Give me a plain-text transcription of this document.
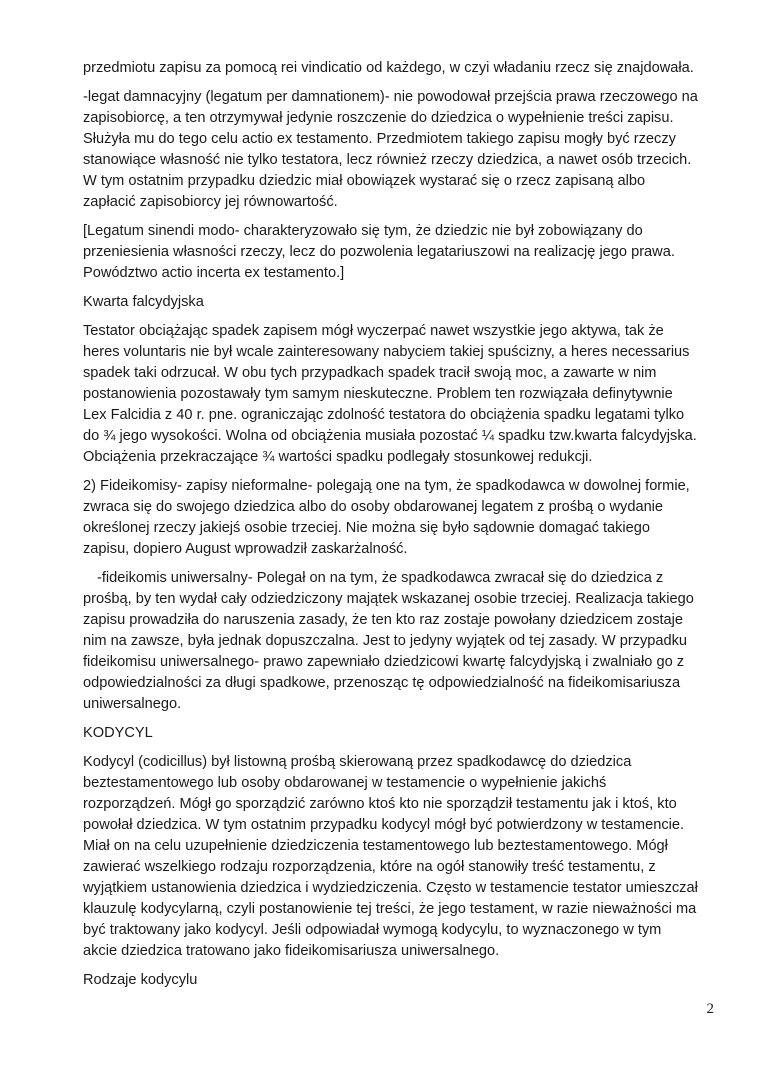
przedmiotu zapisu za pomocą rei vindicatio od każdego, w czyi władaniu rzecz się znajdowała.

-legat damnacyjny (legatum per damnationem)- nie powodował przejścia prawa rzeczowego na zapisobiorcę, a ten otrzymywał jedynie roszczenie do dziedzica o wypełnienie treści zapisu. Służyła mu do tego celu actio ex testamento. Przedmiotem takiego zapisu mogły być rzeczy stanowiące własność nie tylko testatora, lecz również rzeczy dziedzica, a nawet osób trzecich. W tym ostatnim przypadku dziedzic miał obowiązek wystarać się o rzecz zapisaną albo zapłacić zapisobiorcy jej równowartość.

[Legatum sinendi modo- charakteryzowało się tym, że dziedzic nie był zobowiązany do przeniesienia własności rzeczy, lecz do pozwolenia legatariuszowi na realizację jego prawa. Powództwo actio incerta ex testamento.]

Kwarta falcydyjska

Testator obciążając spadek zapisem mógł wyczerpać nawet wszystkie jego aktywa, tak że heres voluntaris nie był wcale zainteresowany nabyciem takiej spuścizny, a heres necessarius spadek taki odrzucał. W obu tych przypadkach spadek tracił swoją moc, a zawarte w nim postanowienia pozostawały tym samym nieskuteczne. Problem ten rozwiązała definytywnie Lex Falcidia z 40 r. pne. ograniczając zdolność testatora do obciążenia spadku legatami tylko do ¾ jego wysokości. Wolna od obciążenia musiała pozostać ¼ spadku tzw.kwarta falcydyjska. Obciążenia przekraczające ¾ wartości spadku podlegały stosunkowej redukcji.

2) Fideikomisy- zapisy nieformalne- polegają one na tym, że spadkodawca w dowolnej formie, zwraca się do swojego dziedzica albo do osoby obdarowanej legatem z prośbą o wydanie określonej rzeczy jakiejś osobie trzeciej. Nie można się było sądownie domagać takiego zapisu, dopiero August wprowadził zaskarżalność.

-fideikomis uniwersalny- Polegał on na tym, że spadkodawca zwracał się do dziedzica z prośbą, by ten wydał cały odziedziczony majątek wskazanej osobie trzeciej. Realizacja takiego zapisu prowadziła do naruszenia zasady, że ten kto raz zostaje powołany dziedzicem zostaje nim na zawsze, była jednak dopuszczalna. Jest to jedyny wyjątek od tej zasady. W przypadku fideikomisu uniwersalnego- prawo zapewniało dziedzicowi kwartę falcydyjską i zwalniało go z odpowiedzialności za długi spadkowe, przenosząc tę odpowiedzialność na fideikomisariusza uniwersalnego.

KODYCYL

Kodycyl (codicillus) był listowną prośbą skierowaną przez spadkodawcę do dziedzica beztestamentowego lub osoby obdarowanej w testamencie o wypełnienie jakichś rozporządzeń. Mógł go sporządzić zarówno ktoś kto nie sporządził testamentu jak i ktoś, kto powołał dziedzica. W tym ostatnim przypadku kodycyl mógł być potwierdzony w testamencie. Miał on na celu uzupełnienie dziedziczenia testamentowego lub beztestamentowego. Mógł zawierać wszelkiego rodzaju rozporządzenia, które na ogół stanowiły treść testamentu, z wyjątkiem ustanowienia dziedzica i wydziedziczenia. Często w testamencie testator umieszczał klauzulę kodycylarną, czyli postanowienie tej treści, że jego testament, w razie nieważności ma być traktowany jako kodycyl. Jeśli odpowiadał wymogą kodycylu, to wyznaczonego w tym akcie dziedzica tratowano jako fideikomisariusza uniwersalnego.

Rodzaje kodycylu

2
